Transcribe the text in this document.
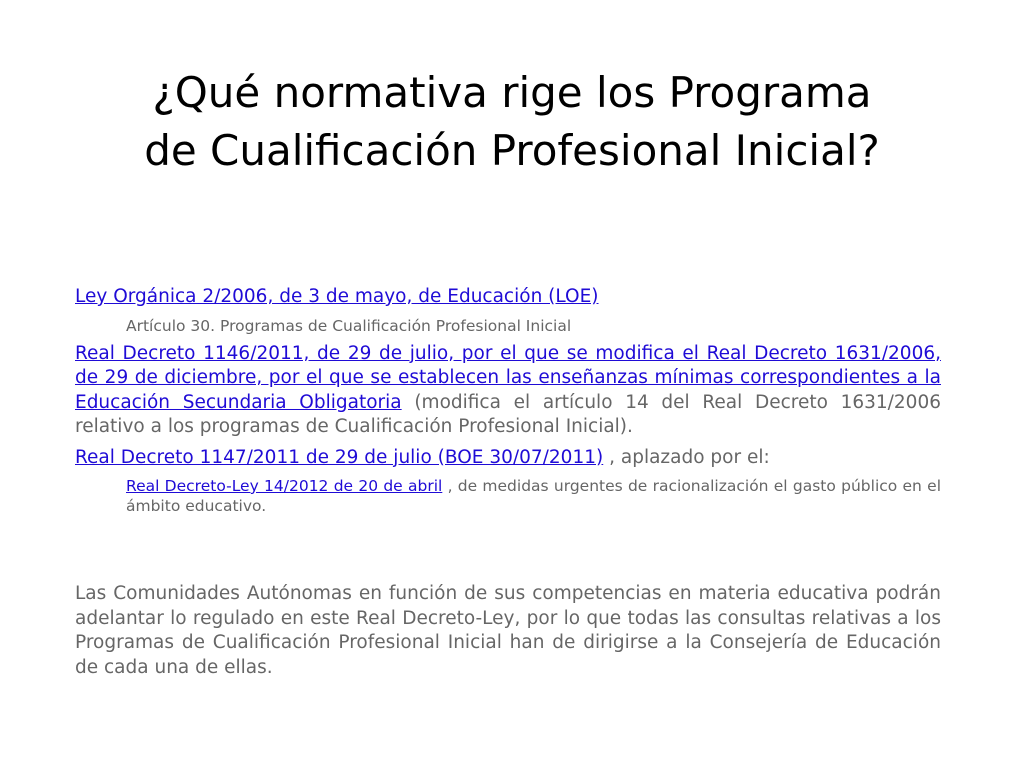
¿Qué normativa rige los Programa
de Cualificación Profesional Inicial?

Ley Orgánica 2/2006, de 3 de mayo, de Educación (LOE)

Artículo 30. Programas de Cualificación Profesional Inicial

Real Decreto 1146/2011, de 29 de julio, por el que se modifica el Real Decreto 1631/2006, de 29 de diciembre, por el que se establecen las enseñanzas mínimas correspondientes a la Educación Secundaria Obligatoria (modifica el artículo 14 del Real Decreto 1631/2006 relativo a los programas de Cualificación Profesional Inicial).

Real Decreto 1147/2011 de 29 de julio (BOE 30/07/2011) , aplazado por el:

Real Decreto-Ley 14/2012 de 20 de abril , de medidas urgentes de racionalización el gasto público en el ámbito educativo.

Las Comunidades Autónomas en función de sus competencias en materia educativa podrán adelantar lo regulado en este Real Decreto-Ley, por lo que todas las consultas relativas a los Programas de Cualificación Profesional Inicial han de dirigirse a la Consejería de Educación de cada una de ellas.
